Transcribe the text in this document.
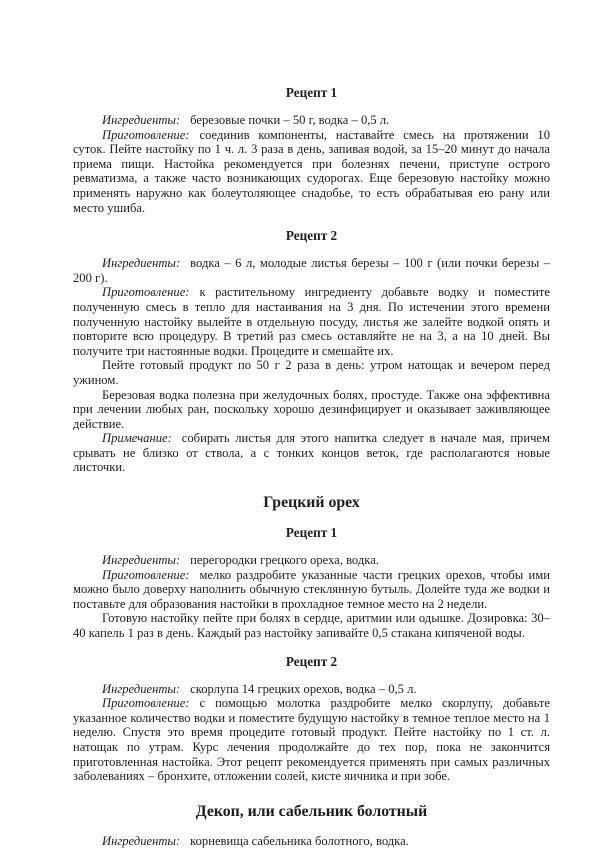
Рецепт 1

Ингредиенты: березовые почки – 50 г, водка – 0,5 л.

Приготовление: соединив компоненты, наставайте смесь на протяжении 10 суток. Пейте настойку по 1 ч. л. 3 раза в день, запивая водой, за 15–20 минут до начала приема пищи. Настойка рекомендуется при болезнях печени, приступе острого ревматизма, а также часто возникающих судорогах. Еще березовую настойку можно применять наружно как болеутоляющее снадобье, то есть обрабатывая ею рану или место ушиба.

Рецепт 2

Ингредиенты: водка – 6 л, молодые листья березы – 100 г (или почки березы – 200 г).

Приготовление: к растительному ингредиенту добавьте водку и поместите полученную смесь в тепло для настаивания на 3 дня. По истечении этого времени полученную настойку вылейте в отдельную посуду, листья же залейте водкой опять и повторите всю процедуру. В третий раз смесь оставляйте не на 3, а на 10 дней. Вы получите три настоянные водки. Процедите и смешайте их.

Пейте готовый продукт по 50 г 2 раза в день: утром натощак и вечером перед ужином.

Березовая водка полезна при желудочных болях, простуде. Также она эффективна при лечении любых ран, поскольку хорошо дезинфицирует и оказывает заживляющее действие.

Примечание: собирать листья для этого напитка следует в начале мая, причем срывать не близко от ствола, а с тонких концов веток, где располагаются новые листочки.

Грецкий орех
Рецепт 1

Ингредиенты: перегородки грецкого ореха, водка.

Приготовление: мелко раздробите указанные части грецких орехов, чтобы ими можно было доверху наполнить обычную стеклянную бутыль. Долейте туда же водки и поставьте для образования настойки в прохладное темное место на 2 недели.

Готовую настойку пейте при болях в сердце, аритмии или одышке. Дозировка: 30–40 капель 1 раз в день. Каждый раз настойку запивайте 0,5 стакана кипяченой воды.

Рецепт 2

Ингредиенты: скорлупа 14 грецких орехов, водка – 0,5 л.

Приготовление: с помощью молотка раздробите мелко скорлупу, добавьте указанное количество водки и поместите будущую настойку в темное теплое место на 1 неделю. Спустя это время процедите готовый продукт. Пейте настойку по 1 ст. л. натощак по утрам. Курс лечения продолжайте до тех пор, пока не закончится приготовленная настойка. Этот рецепт рекомендуется применять при самых различных заболеваниях – бронхите, отложении солей, кисте яичника и при зобе.

Декоп, или сабельник болотный

Ингредиенты: корневища сабельника болотного, водка.
